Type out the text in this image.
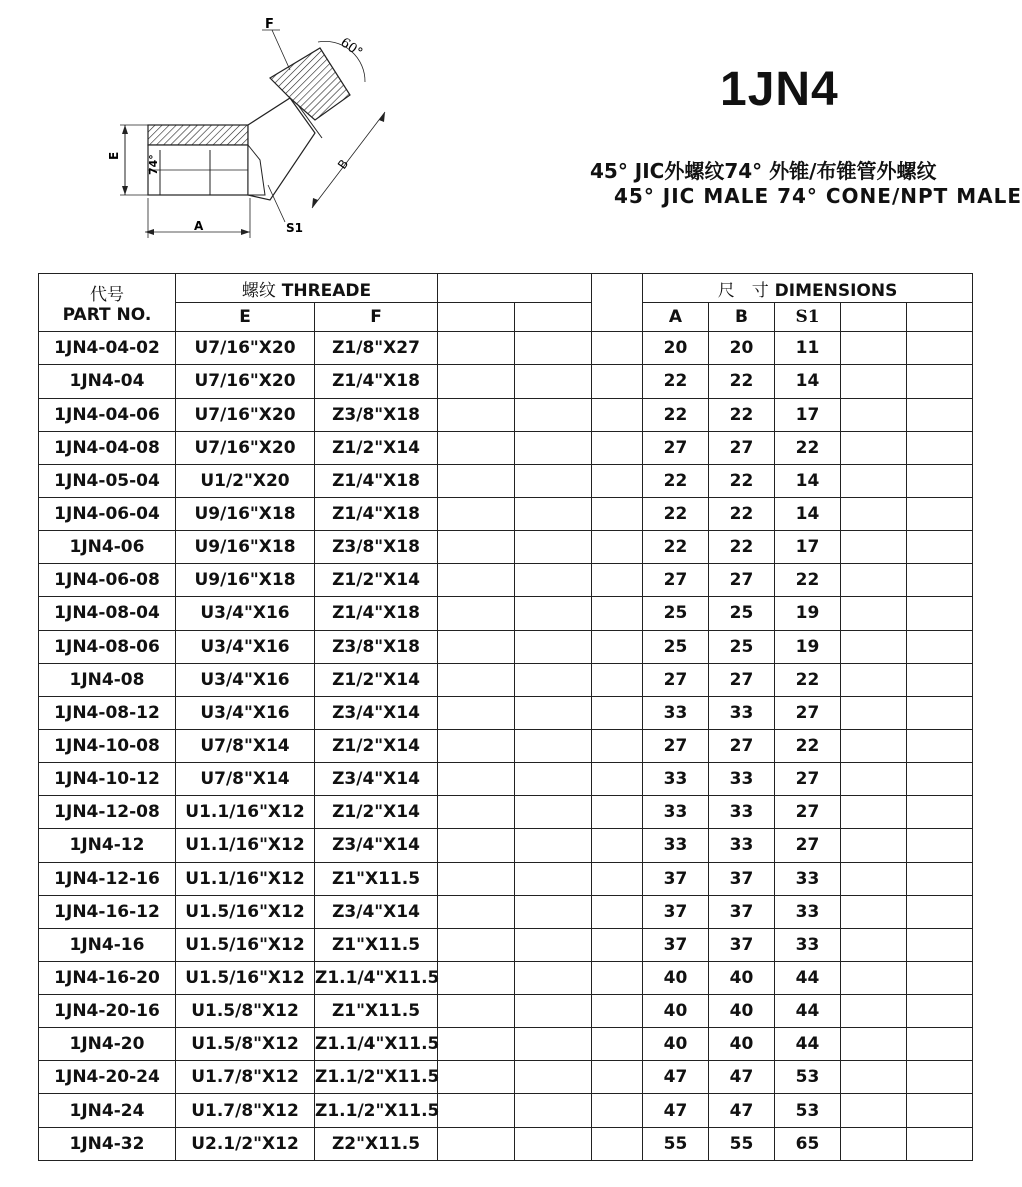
E 74°
F
60°
B
A	S1
1JN4
45° JIC外螺纹74° 外锥/布锥管外螺纹
45° JIC MALE 74° CONE/NPT MALE
代号
PART NO.	螺纹 THREADE					尺　寸 DIMENSIONS				
	E	F				A	B	S1		
1JN4-04-02	U7/16"X20	Z1/8"X27				20	20	11		
1JN4-04	U7/16"X20	Z1/4"X18				22	22	14		
1JN4-04-06	U7/16"X20	Z3/8"X18				22	22	17		
1JN4-04-08	U7/16"X20	Z1/2"X14				27	27	22		
1JN4-05-04	U1/2"X20	Z1/4"X18				22	22	14		
1JN4-06-04	U9/16"X18	Z1/4"X18				22	22	14		
1JN4-06	U9/16"X18	Z3/8"X18				22	22	17		
1JN4-06-08	U9/16"X18	Z1/2"X14				27	27	22		
1JN4-08-04	U3/4"X16	Z1/4"X18				25	25	19		
1JN4-08-06	U3/4"X16	Z3/8"X18				25	25	19		
1JN4-08	U3/4"X16	Z1/2"X14				27	27	22		
1JN4-08-12	U3/4"X16	Z3/4"X14				33	33	27		
1JN4-10-08	U7/8"X14	Z1/2"X14				27	27	22		
1JN4-10-12	U7/8"X14	Z3/4"X14				33	33	27		
1JN4-12-08	U1.1/16"X12	Z1/2"X14				33	33	27		
1JN4-12	U1.1/16"X12	Z3/4"X14				33	33	27		
1JN4-12-16	U1.1/16"X12	Z1"X11.5				37	37	33		
1JN4-16-12	U1.5/16"X12	Z3/4"X14				37	37	33		
1JN4-16	U1.5/16"X12	Z1"X11.5				37	37	33		
1JN4-16-20	U1.5/16"X12	Z1.1/4"X11.5				40	40	44		
1JN4-20-16	U1.5/8"X12	Z1"X11.5				40	40	44		
1JN4-20	U1.5/8"X12	Z1.1/4"X11.5				40	40	44		
1JN4-20-24	U1.7/8"X12	Z1.1/2"X11.5				47	47	53		
1JN4-24	U1.7/8"X12	Z1.1/2"X11.5				47	47	53		
1JN4-32	U2.1/2"X12	Z2"X11.5				55	55	65		
